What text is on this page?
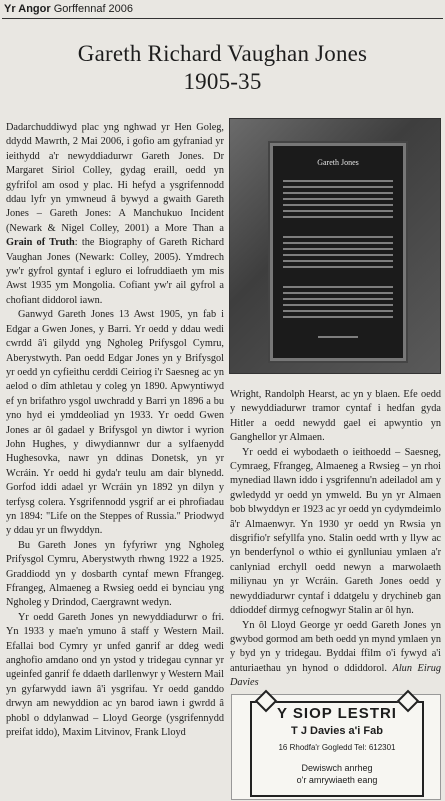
Yr Angor Gorffennaf 2006
Gareth Richard Vaughan Jones
1905-35

Dadarchuddiwyd plac yng nghwad yr Hen Goleg, ddydd Mawrth, 2 Mai 2006, i gofio am gyfraniad yr ieithydd a'r newyddiadurwr Gareth Jones. Dr Margaret Siriol Colley, gydag eraill, oedd yn gyfrifol am osod y plac. Hi hefyd a ysgrifennodd ddau lyfr yn ymwneud â bywyd a gwaith Gareth Jones – Gareth Jones: A Manchukuo Incident (Newark & Nigel Colley, 2001) a More Than a Grain of Truth: the Biography of Gareth Richard Vaughan Jones (Newark: Colley, 2005). Ymdrech yw'r gyfrol gyntaf i egluro ei lofruddiaeth ym mis Awst 1935 ym Mongolia. Cofiant yw'r ail gyfrol a chofiant diddorol iawn.

Ganwyd Gareth Jones 13 Awst 1905, yn fab i Edgar a Gwen Jones, y Barri. Yr oedd y ddau wedi cwrdd â'i gilydd yng Ngholeg Prifysgol Cymru, Aberystwyth. Pan oedd Edgar Jones yn y Brifysgol yr oedd yn cyfieithu cerddi Ceiriog i'r Saesneg ac yn aelod o dîm athletau y coleg yn 1890. Apwyntiwyd ef yn brifathro ysgol uwchradd y Barri yn 1896 a bu yno hyd ei ymddeoliad yn 1933. Yr oedd Gwen Jones ar ôl gadael y Brifysgol yn diwtor i wyrion John Hughes, y diwydiannwr dur a sylfaenydd Hughesovka, nawr yn ddinas Donetsk, yn yr Wcráin. Yr oedd hi gyda'r teulu am dair blynedd. Gorfod iddi adael yr Wcráin yn 1892 yn dilyn y terfysg colera. Ysgrifennodd ysgrif ar ei phrofiadau yn 1894: "Life on the Steppes of Russia." Priodwyd y ddau yr un flwyddyn.

Bu Gareth Jones yn fyfyriwr yng Ngholeg Prifysgol Cymru, Aberystwyth rhwng 1922 a 1925. Graddiodd yn y dosbarth cyntaf mewn Ffrangeg. Ffrangeg, Almaeneg a Rwsieg oedd ei bynciau yng Ngholeg y Drindod, Caergrawnt wedyn.

Yr oedd Gareth Jones yn newyddiadurwr o fri. Yn 1933 y mae'n ymuno â staff y Western Mail. Efallai bod Cymry yr unfed ganrif ar ddeg wedi anghofio amdano ond yn ystod y tridegau cynnar yr ugeinfed ganrif fe ddaeth darllenwyr y Western Mail yn gyfarwydd iawn â'i ysgrifau. Yr oedd ganddo drwyn am newyddion ac yn barod iawn i gwrdd â phobl o ddylanwad – Lloyd George (ysgrifennydd preifat iddo), Maxim Litvinov, Frank Lloyd

Gareth Jones

Wright, Randolph Hearst, ac yn y blaen. Efe oedd y newyddiadurwr tramor cyntaf i hedfan gyda Hitler a oedd newydd gael ei apwyntio yn Ganghellor yr Almaen.

Yr oedd ei wybodaeth o ieithoedd – Saesneg, Cymraeg, Ffrangeg, Almaeneg a Rwsieg – yn rhoi mynediad llawn iddo i ysgrifennu'n adeiladol am y gwledydd yr oedd yn ymweld. Bu yn yr Almaen bob blwyddyn er 1923 ac yr oedd yn cydymdeimlo â'r Almaenwyr. Yn 1930 yr oedd yn Rwsia yn disgrifio'r sefyllfa yno. Stalin oedd wrth y llyw ac yn benderfynol o wthio ei gynlluniau ymlaen a'r canlyniad erchyll oedd newyn a marwolaeth miliynau yn yr Wcráin. Gareth Jones oedd y newyddiadurwr cyntaf i ddatgelu y drychineb gan ddioddef dirmyg cefnogwyr Stalin ar ôl hyn.

Yn ôl Lloyd George yr oedd Gareth Jones yn gwybod gormod am beth oedd yn mynd ymlaen yn y byd yn y tridegau. Byddai ffilm o'i fywyd a'i anturiaethau yn hynod o ddiddorol. Alun Eirug Davies

Y SIOP LESTRI
T J Davies a'i Fab
16 Rhodfa'r Gogledd Tel: 612301
Dewiswch anrheg
o'r amrywiaeth eang
